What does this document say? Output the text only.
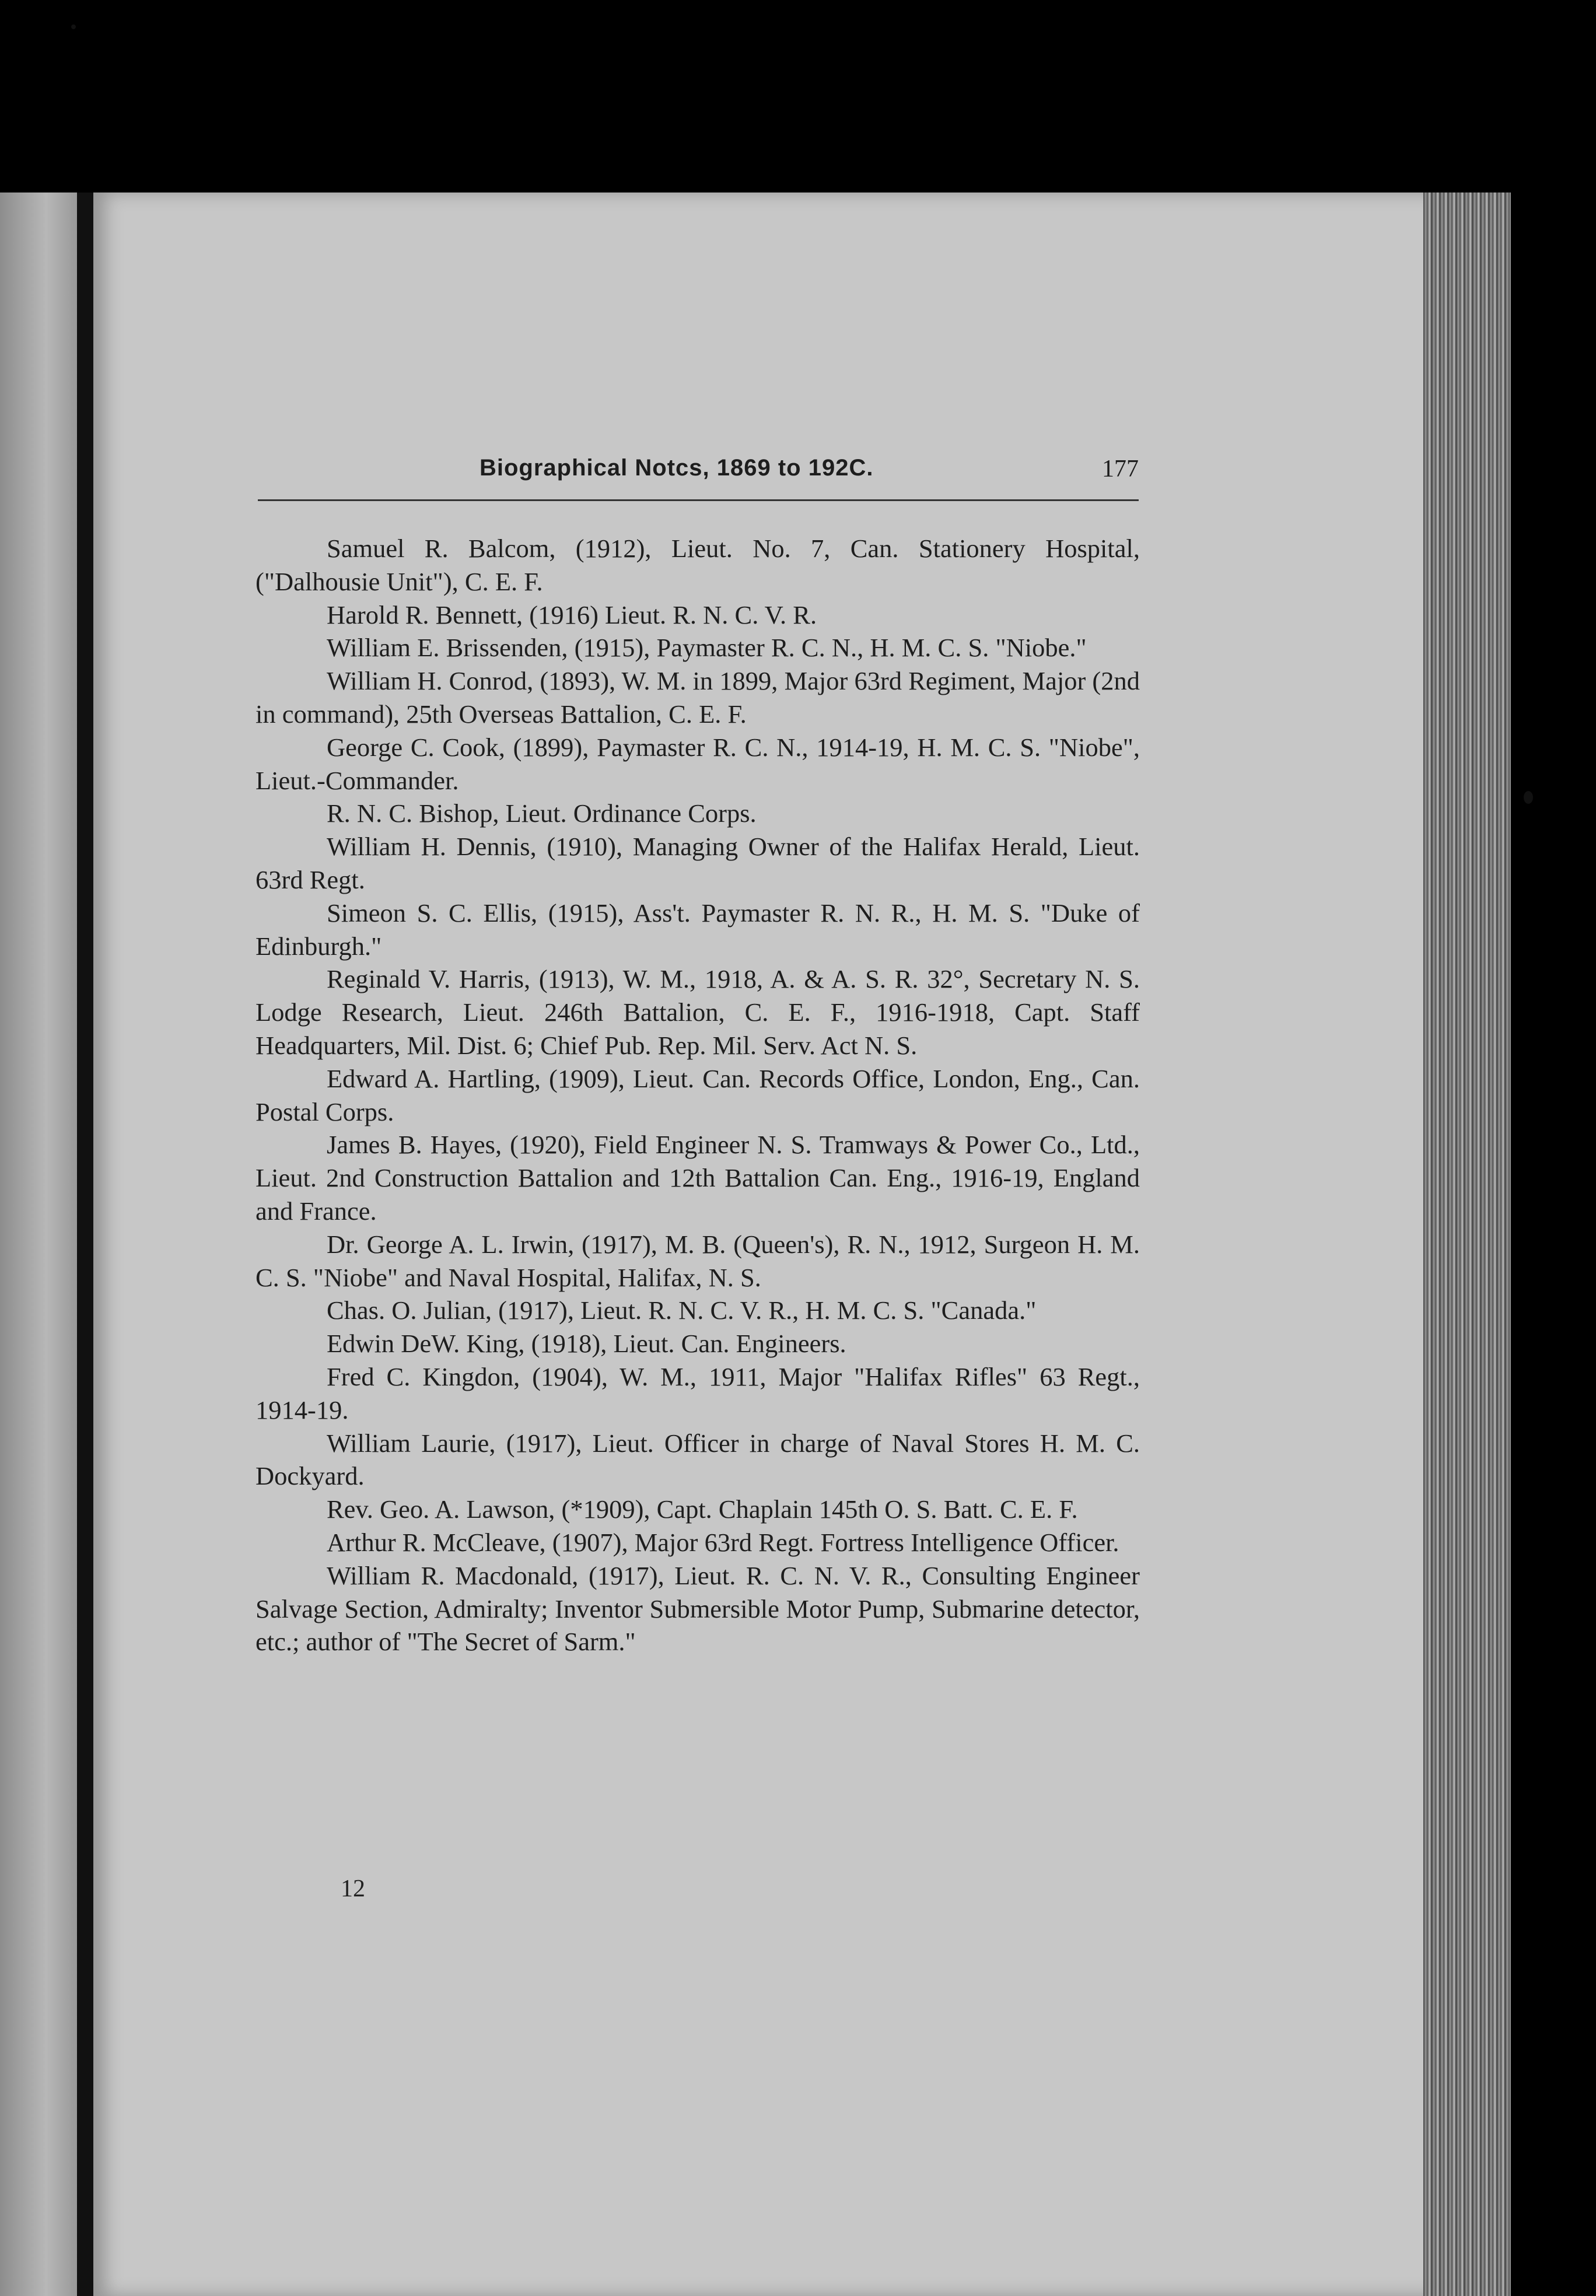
Biographical Notcs, 1869 to 192C.	177

Samuel R. Balcom, (1912), Lieut. No. 7, Can. Stationery Hospital, ("Dalhousie Unit"), C. E. F.

Harold R. Bennett, (1916) Lieut. R. N. C. V. R.

William E. Brissenden, (1915), Paymaster R. C. N., H. M. C. S. "Niobe."

William H. Conrod, (1893), W. M. in 1899, Major 63rd Regiment, Major (2nd in command), 25th Overseas Battalion, C. E. F.

George C. Cook, (1899), Paymaster R. C. N., 1914-19, H. M. C. S. "Niobe", Lieut.-Commander.

R. N. C. Bishop, Lieut. Ordinance Corps.

William H. Dennis, (1910), Managing Owner of the Halifax Herald, Lieut. 63rd Regt.

Simeon S. C. Ellis, (1915), Ass't. Paymaster R. N. R., H. M. S. "Duke of Edinburgh."

Reginald V. Harris, (1913), W. M., 1918, A. & A. S. R. 32°, Secretary N. S. Lodge Research, Lieut. 246th Battalion, C. E. F., 1916-1918, Capt. Staff Headquarters, Mil. Dist. 6; Chief Pub. Rep. Mil. Serv. Act N. S.

Edward A. Hartling, (1909), Lieut. Can. Records Office, London, Eng., Can. Postal Corps.

James B. Hayes, (1920), Field Engineer N. S. Tramways & Power Co., Ltd., Lieut. 2nd Construction Battalion and 12th Battalion Can. Eng., 1916-19, England and France.

Dr. George A. L. Irwin, (1917), M. B. (Queen's), R. N., 1912, Surgeon H. M. C. S. "Niobe" and Naval Hospital, Halifax, N. S.

Chas. O. Julian, (1917), Lieut. R. N. C. V. R., H. M. C. S. "Canada."

Edwin DeW. King, (1918), Lieut. Can. Engineers.

Fred C. Kingdon, (1904), W. M., 1911, Major "Halifax Rifles" 63 Regt., 1914-19.

William Laurie, (1917), Lieut. Officer in charge of Naval Stores H. M. C. Dockyard.

Rev. Geo. A. Lawson, (*1909), Capt. Chaplain 145th O. S. Batt. C. E. F.

Arthur R. McCleave, (1907), Major 63rd Regt. Fortress Intelligence Officer.

William R. Macdonald, (1917), Lieut. R. C. N. V. R., Consulting Engineer Salvage Section, Admiralty; Inventor Submersible Motor Pump, Submarine detector, etc.; author of "The Secret of Sarm."

12
